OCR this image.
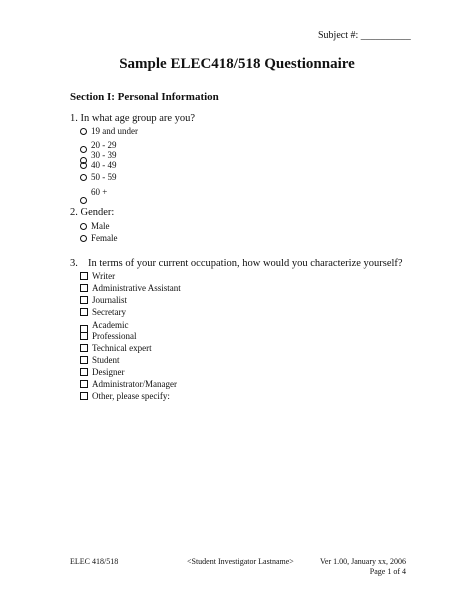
Subject #: __________
Sample ELEC418/518 Questionnaire
Section I: Personal Information
1. In what age group are you?
19 and under
20 - 29
30 - 39
40 - 49
50 - 59
60 +
2. Gender:
Male
Female
3. In terms of your current occupation, how would you characterize yourself?
Writer
Administrative Assistant
Journalist
Secretary
Academic
Professional
Technical expert
Student
Designer
Administrator/Manager
Other, please specify:
ELEC 418/518	<Student Investigator Lastname>	Ver 1.00, January xx, 2006
Page 1 of 4
